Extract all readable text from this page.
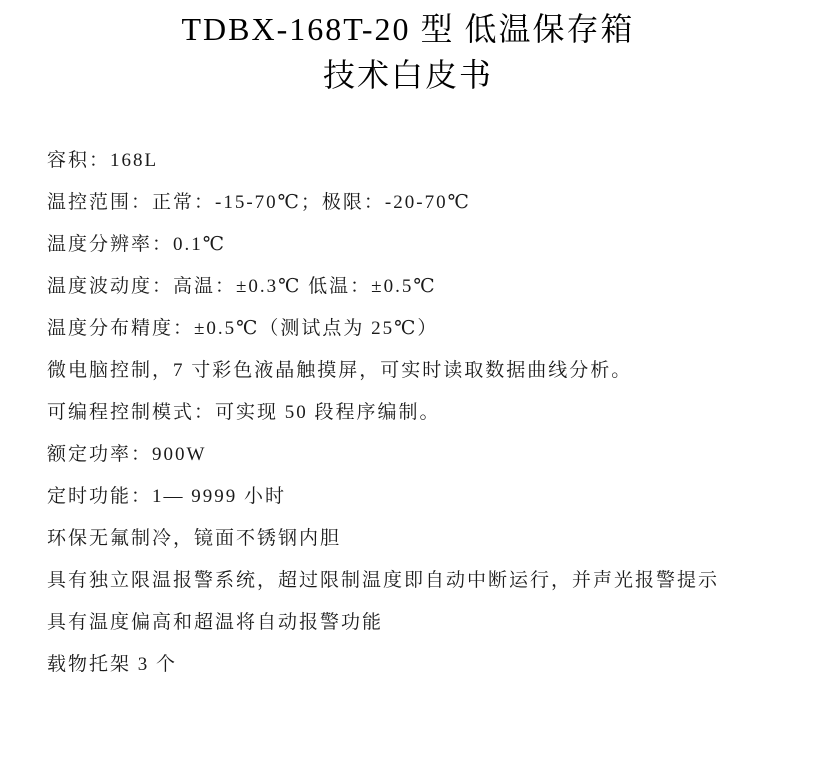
TDBX-168T-20 型 低温保存箱
技术白皮书

容积：168L

温控范围：正常：-15-70℃；极限：-20-70℃

温度分辨率：0.1℃

温度波动度：高温：±0.3℃ 低温：±0.5℃

温度分布精度：±0.5℃（测试点为 25℃）

微电脑控制，7 寸彩色液晶触摸屏，可实时读取数据曲线分析。

可编程控制模式：可实现 50 段程序编制。

额定功率：900W

定时功能：1— 9999 小时

环保无氟制冷，镜面不锈钢内胆

具有独立限温报警系统，超过限制温度即自动中断运行，并声光报警提示

具有温度偏高和超温将自动报警功能

载物托架 3 个
